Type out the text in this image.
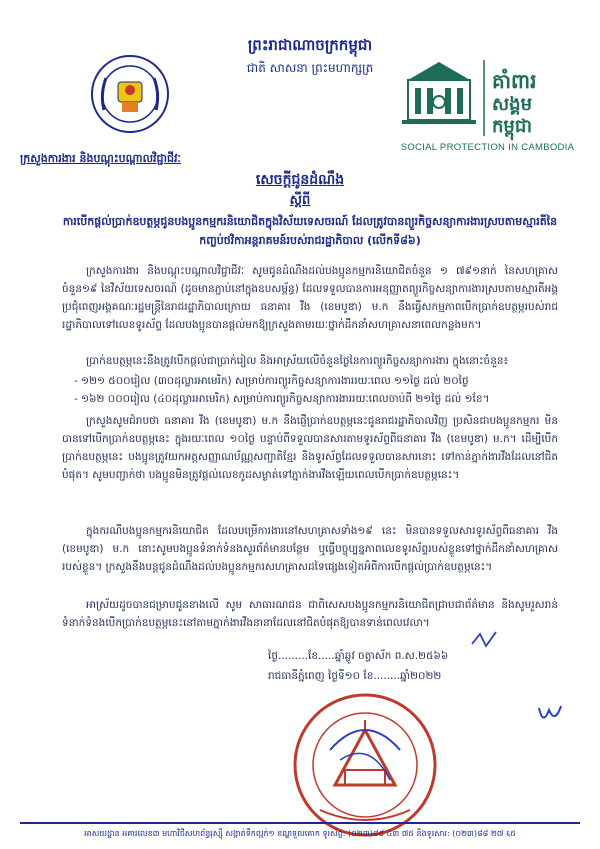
ព្រះរាជាណាចក្រកម្ពុជា
ជាតិ សាសនា ព្រះមហាក្សត្រ
គាំពារ
សង្គម
កម្ពុជា
SOCIAL PROTECTION IN CAMBODIA
ក្រសួងការងារ និងបណ្តុះបណ្តាលវិជ្ជាជីវៈ
សេចក្តីជូនដំណឹង
ស្តីពី
ការបើកផ្តល់ប្រាក់ឧបត្ថម្ភជូនបងប្អូនកម្មករនិយោជិតក្នុងវិស័យទេសចរណ៍ ដែលត្រូវបានព្យួរកិច្ចសន្យាការងារស្របតាមស្មារតីនៃកញ្ចប់ថវិកាអន្តរាគមន៍របស់រាជរដ្ឋាភិបាល (លើកទី៨៦)
ក្រសួងការងារ និងបណ្តុះបណ្តាលវិជ្ជាជីវៈ សូមជូនដំណឹងដល់បងប្អូនកម្មករនិយោជិតចំនួន ១ ៧៩១នាក់ នៃសហគ្រាសចំនួន១៩ នៃវិស័យទេសចរណ៍ (ដូចមានភ្ជាប់នៅក្នុងឧបសម្ព័ន្ធ) ដែលទទួលបានការអនុញ្ញាតព្យួរកិច្ចសន្យាការងារស្របតាមស្មារតីអង្គប្រជុំពេញអង្គគណៈរដ្ឋមន្ត្រីនៃរាជរដ្ឋាភិបាលក្រោយ ធនាគារ វីង (ខេមបូឌា) ម.ក នឹងធ្វើសកម្មភាពបើកប្រាក់ឧបត្ថម្ភរបស់រាជរដ្ឋាភិបាលទៅលេខទូរស័ព្ទ ដែលបងប្អូនបានផ្តល់មកឱ្យក្រសួងតាមរយៈថ្នាក់ដឹកនាំសហគ្រាសនាពេលកន្លងមក។
ប្រាក់ឧបត្ថម្ភនេះនឹងត្រូវបើកផ្តល់ជាប្រាក់រៀល និងអាស្រ័យលើចំនួនថ្ងៃនៃការព្យួរកិច្ចសន្យាការងារ ក្នុងនោះចំនួន៖
- ១២១ ៥០០រៀល (៣០ដុល្លារអាមេរិក) សម្រាប់ការព្យួរកិច្ចសន្យាការងាររយៈពេល ១១ថ្ងៃ ដល់ ២០ថ្ងៃ
- ១៦២ ០០០រៀល (៤០ដុល្លារអាមេរិក) សម្រាប់ការព្យួរកិច្ចសន្យាការងាររយៈពេលចាប់ពី ២១ថ្ងៃ ដល់ ១ខែ។
ក្រសួងសូមជំរាបថា ធនាគារ វីង (ខេមបូឌា) ម.ក នឹងផ្ញើប្រាក់ឧបត្ថម្ភនេះជូនរាជរដ្ឋាភិបាលវិញ ប្រសិនជាបងប្អូនកម្មករ មិនបានទៅបើកប្រាក់ឧបត្ថម្ភនេះ ក្នុងរយៈពេល ១០ថ្ងៃ បន្ទាប់ពីទទួលបានសារតាមទូរស័ព្ទពីធនាគារ វីង (ខេមបូឌា) ម.ក។ ដើម្បីបើកប្រាក់ឧបត្ថម្ភនេះ បងប្អូនត្រូវយកអត្តសញ្ញាណប័ណ្ណសញ្ជាតិខ្មែរ និងទូរស័ព្ទដែលទទួលបានសារនោះ ទៅកាន់ភ្នាក់ងារវីងដែលនៅជិតបំផុត។ សូមបញ្ជាក់ថា បងប្អូនមិនត្រូវផ្តល់លេខកូដសម្ងាត់ទៅភ្នាក់ងារវីងឡើយពេលបើកប្រាក់ឧបត្ថម្ភនេះ។
ក្នុងករណីបងប្អូនកម្មករនិយោជិត ដែលបម្រើការងារនៅសហគ្រាសទាំង១៩ នេះ មិនបានទទួលសារទូរស័ព្ទពីធនាគារ វីង (ខេមបូឌា) ម.ក នោះសូមបងប្អូនទំនាក់ទំនងសួរព័ត៌មានបន្ថែម ឬធ្វើបច្ចុប្បន្នភាពលេខទូរស័ព្ទរបស់ខ្លួនទៅថ្នាក់ដឹកនាំសហគ្រាសរបស់ខ្លួន។ ក្រសួងនឹងបន្តជូនដំណឹងដល់បងប្អូនកម្មករសហគ្រាសដទៃផ្សេងទៀតអំពីការបើកផ្តល់ប្រាក់ឧបត្ថម្ភនេះ។
អាស្រ័យដូចបានជម្រាបជូនខាងលើ សូម សាធារណជន ជាពិសេសបងប្អូនកម្មករនិយោជិតជ្រាបជាព័ត៌មាន និងសូមរួសរាន់ទំនាក់ទំនងបើកប្រាក់ឧបត្ថម្ភនេះនៅតាមភ្នាក់ងារវីងនានាដែលនៅជិតបំផុតឱ្យបានទាន់ពេលវេលា។
ថ្ងៃ.........ខែ.....ឆ្នាំឆ្លូវ ចត្វាស័ក ព.ស.២៥៦៦
រាជធានីភ្នំពេញ ថ្ងៃទី១០ ខែ........ឆ្នាំ២០២២
អាសយដ្ឋាន អគារលេខ៣ មហាវិថីសហព័ន្ធរុស្ស៊ី សង្កាត់ទឹកល្អក់១ ខណ្ឌទួលគោក ទូរស័ព្ទ: (០២៣)៨៨ ៤៣ ៧៥ និងទូរសារ: (០២៣)៨៨ ២៧ ६៥
